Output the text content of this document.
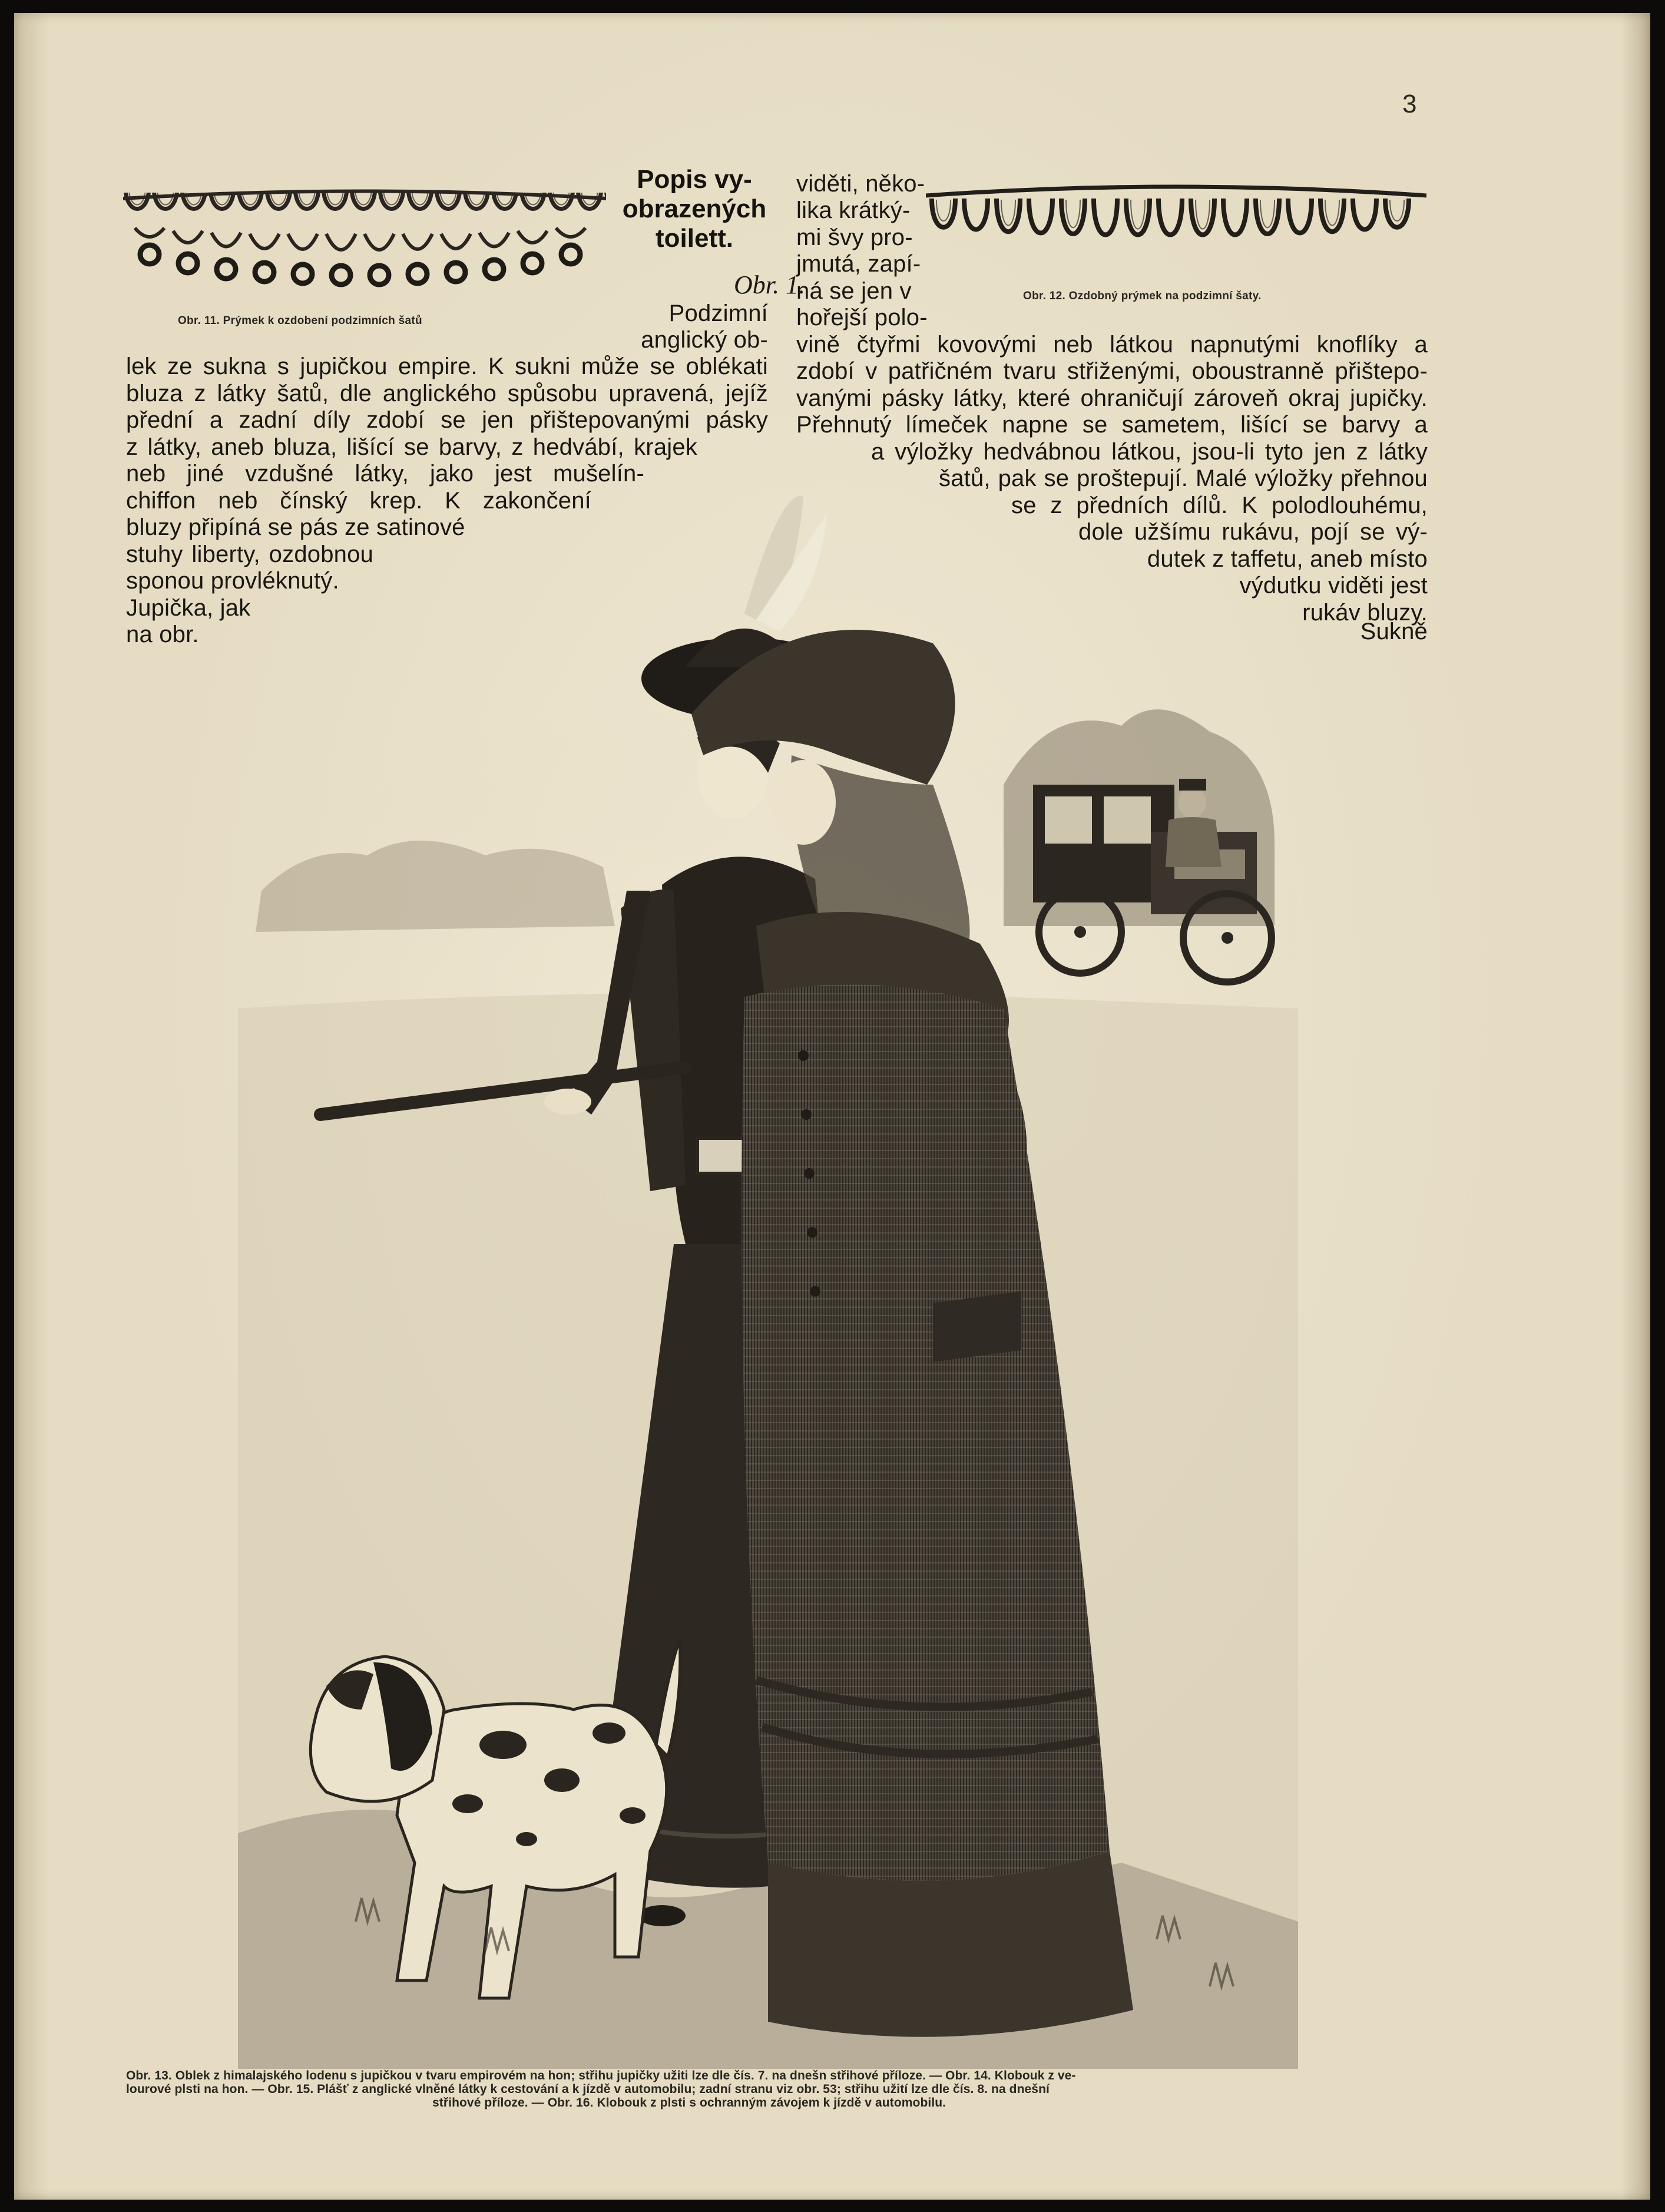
3
Obr. 11. Prýmek k ozdobení podzimních šatů
Popis vy-
obrazených
toilett.
Obr. 1.
Podzimní
anglický ob-
lek ze sukna s jupičkou empire. K sukni může se oblékati
bluza z látky šatů, dle anglického spůsobu upravená, jejíž
přední a zadní díly zdobí se jen přištepovanými pásky
z látky, aneb bluza, lišící se barvy, z hedvábí, krajek
neb jiné vzdušné látky, jako jest mušelín-
chiffon neb čínský krep. K zakončení
bluzy připíná se pás ze satinové
stuhy liberty, ozdobnou
sponou provléknutý.
Jupička, jak
na obr.
Obr. 12. Ozdobný prýmek na podzimní šaty.
viděti, něko-
lika krátký-
mi švy pro-
jmutá, zapí-
ná se jen v
hořejší polo-
vině čtyřmi kovovými neb látkou napnutými knoflíky a
zdobí v patřičném tvaru střiženými, oboustranně přištepo-
vanými pásky látky, které ohraničují zároveň okraj jupičky.
Přehnutý límeček napne se sametem, lišící se barvy a
a výložky hedvábnou látkou, jsou-li tyto jen z látky
šatů, pak se proštepují. Malé výložky přehnou
se z předních dílů. K polodlouhému,
dole užšímu rukávu, pojí se vý-
dutek z taffetu, aneb místo
výdutku viděti jest
rukáv bluzy.
Sukně
Obr. 13. Oblek z himalajského lodenu s jupičkou v tvaru empirovém na hon; střihu jupičky užiti lze dle čís. 7. na dnešn střihové příloze. — Obr. 14. Klobouk z ve-
lourové plsti na hon. — Obr. 15. Plášť z anglické vlněné látky k cestování a k jízdě v automobilu; zadní stranu viz obr. 53; střihu užití lze dle čís. 8. na dnešní
střihové příloze. — Obr. 16. Klobouk z plsti s ochranným závojem k jízdě v automobilu.
